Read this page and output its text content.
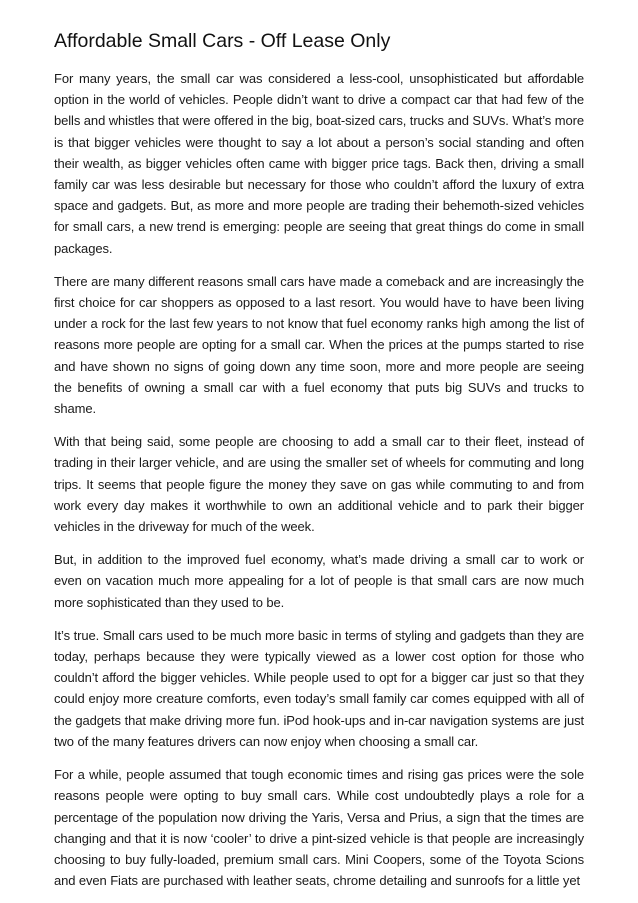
Affordable Small Cars - Off Lease Only

For many years, the small car was considered a less-cool, unsophisticated but affordable option in the world of vehicles. People didn’t want to drive a compact car that had few of the bells and whistles that were offered in the big, boat-sized cars, trucks and SUVs. What’s more is that bigger vehicles were thought to say a lot about a person’s social standing and often their wealth, as bigger vehicles often came with bigger price tags. Back then, driving a small family car was less desirable but necessary for those who couldn’t afford the luxury of extra space and gadgets. But, as more and more people are trading their behemoth-sized vehicles for small cars, a new trend is emerging: people are seeing that great things do come in small packages.

There are many different reasons small cars have made a comeback and are increasingly the first choice for car shoppers as opposed to a last resort. You would have to have been living under a rock for the last few years to not know that fuel economy ranks high among the list of reasons more people are opting for a small car. When the prices at the pumps started to rise and have shown no signs of going down any time soon, more and more people are seeing the benefits of owning a small car with a fuel economy that puts big SUVs and trucks to shame.

With that being said, some people are choosing to add a small car to their fleet, instead of trading in their larger vehicle, and are using the smaller set of wheels for commuting and long trips. It seems that people figure the money they save on gas while commuting to and from work every day makes it worthwhile to own an additional vehicle and to park their bigger vehicles in the driveway for much of the week.

But, in addition to the improved fuel economy, what’s made driving a small car to work or even on vacation much more appealing for a lot of people is that small cars are now much more sophisticated than they used to be.

It’s true. Small cars used to be much more basic in terms of styling and gadgets than they are today, perhaps because they were typically viewed as a lower cost option for those who couldn’t afford the bigger vehicles. While people used to opt for a bigger car just so that they could enjoy more creature comforts, even today’s small family car comes equipped with all of the gadgets that make driving more fun. iPod hook-ups and in-car navigation systems are just two of the many features drivers can now enjoy when choosing a small car.

For a while, people assumed that tough economic times and rising gas prices were the sole reasons people were opting to buy small cars. While cost undoubtedly plays a role for a percentage of the population now driving the Yaris, Versa and Prius, a sign that the times are changing and that it is now ‘cooler’ to drive a pint-sized vehicle is that people are increasingly choosing to buy fully-loaded, premium small cars. Mini Coopers, some of the Toyota Scions and even Fiats are purchased with leather seats, chrome detailing and sunroofs for a little yet
